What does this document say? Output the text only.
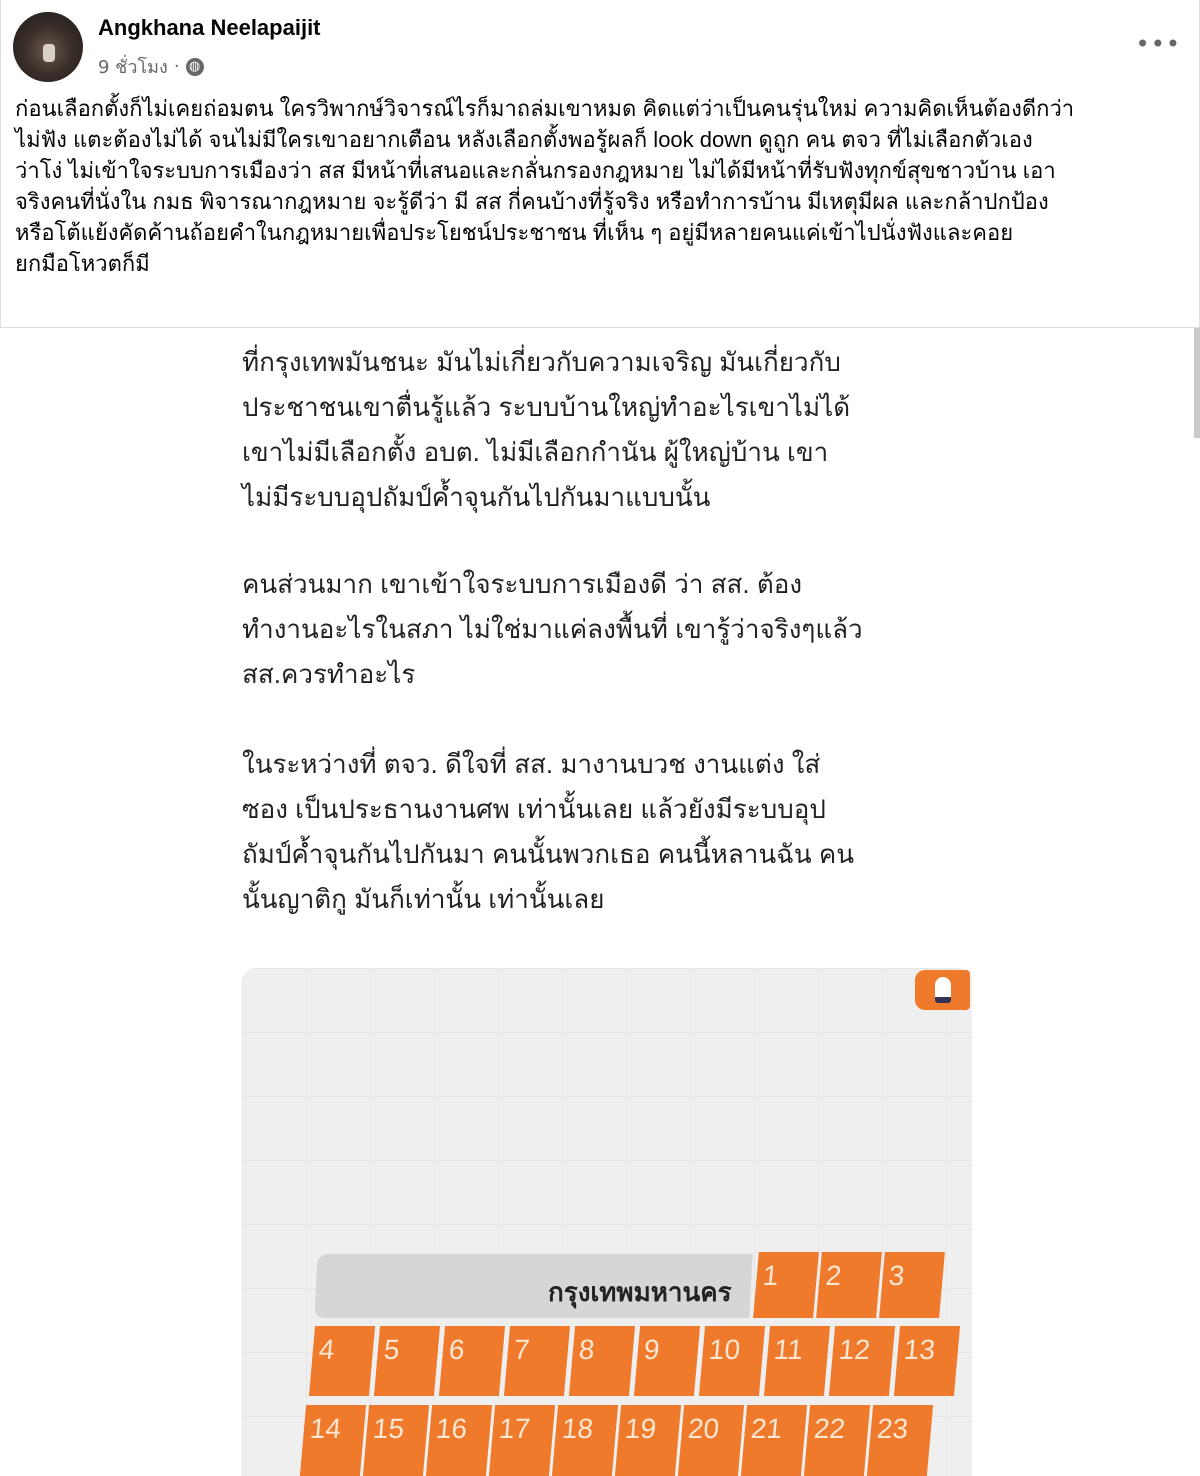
Angkhana Neelapaijit
9 ชั่วโมง · ◍
•••

ก่อนเลือกตั้งก็ไม่เคยถ่อมตน ใครวิพากษ์วิจารณ์ไรก็มาถล่มเขาหมด คิดแต่ว่าเป็นคนรุ่นใหม่ ความคิดเห็นต้องดีกว่า

ไม่ฟัง แตะต้องไม่ได้ จนไม่มีใครเขาอยากเตือน หลังเลือกตั้งพอรู้ผลก็ look down ดูถูก คน ตจว ที่ไม่เลือกตัวเอง

ว่าโง่ ไม่เข้าใจระบบการเมืองว่า สส มีหน้าที่เสนอและกลั่นกรองกฎหมาย ไม่ได้มีหน้าที่รับฟังทุกข์สุขชาวบ้าน เอา

จริงคนที่นั่งใน กมธ พิจารณากฎหมาย จะรู้ดีว่า มี สส กี่คนบ้างที่รู้จริง หรือทำการบ้าน มีเหตุมีผล และกล้าปกป้อง

หรือโต้แย้งคัดค้านถ้อยคำในกฎหมายเพื่อประโยชน์ประชาชน ที่เห็น ๆ อยู่มีหลายคนแค่เข้าไปนั่งฟังและคอย

ยกมือโหวตก็มี

ที่กรุงเทพมันชนะ มันไม่เกี่ยวกับความเจริญ มันเกี่ยวกับ

ประชาชนเขาตื่นรู้แล้ว ระบบบ้านใหญ่ทำอะไรเขาไม่ได้

เขาไม่มีเลือกตั้ง อบต. ไม่มีเลือกกำนัน ผู้ใหญ่บ้าน เขา

ไม่มีระบบอุปถัมป์ค้ำจุนกันไปกันมาแบบนั้น

คนส่วนมาก เขาเข้าใจระบบการเมืองดี ว่า สส. ต้อง

ทำงานอะไรในสภา ไม่ใช่มาแค่ลงพื้นที่ เขารู้ว่าจริงๆแล้ว

สส.ควรทำอะไร

ในระหว่างที่ ตจว. ดีใจที่ สส. มางานบวช งานแต่ง ใส่

ซอง เป็นประธานงานศพ เท่านั้นเลย แล้วยังมีระบบอุป

ถัมป์ค้ำจุนกันไปกันมา คนนั้นพวกเธอ คนนี้หลานฉัน คน

นั้นญาติกู มันก็เท่านั้น เท่านั้นเลย

กรุงเทพมหานคร
1	2	3
4	5	6	7	8	9	10	11	12	13
14	15	16	17	18	19	20	21	22	23
